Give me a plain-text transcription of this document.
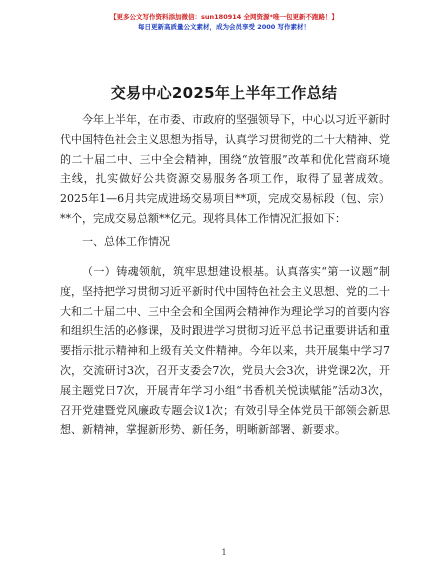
【更多公文写作资料添加微信：sun180914 全网资源*唯一包更新不跑路！】
每日更新高质量公文素材，成为会员享受 2000 写作素材！
交易中心2025年上半年工作总结

今年上半年，在市委、市政府的坚强领导下，中心以习近平新时代中国特色社会主义思想为指导，认真学习贯彻党的二十大精神、党的二十届二中、三中全会精神，围绕“放管服”改革和优化营商环境主线，扎实做好公共资源交易服务各项工作，取得了显著成效。2025年1—6月共完成进场交易项目**项，完成交易标段（包、宗）**个，完成交易总额**亿元。现将具体工作情况汇报如下：

一、总体工作情况

（一）铸魂领航，筑牢思想建设根基。认真落实“第一议题”制度，坚持把学习贯彻习近平新时代中国特色社会主义思想、党的二十大和二十届二中、三中全会和全国两会精神作为理论学习的首要内容和组织生活的必修课，及时跟进学习贯彻习近平总书记重要讲话和重要指示批示精神和上级有关文件精神。今年以来，共开展集中学习7次，交流研讨3次，召开支委会7次，党员大会3次，讲党课2次，开展主题党日7次，开展青年学习小组“书香机关悦读赋能”活动3次，召开党建暨党风廉政专题会议1次；有效引导全体党员干部领会新思想、新精神，掌握新形势、新任务，明晰新部署、新要求。

1
